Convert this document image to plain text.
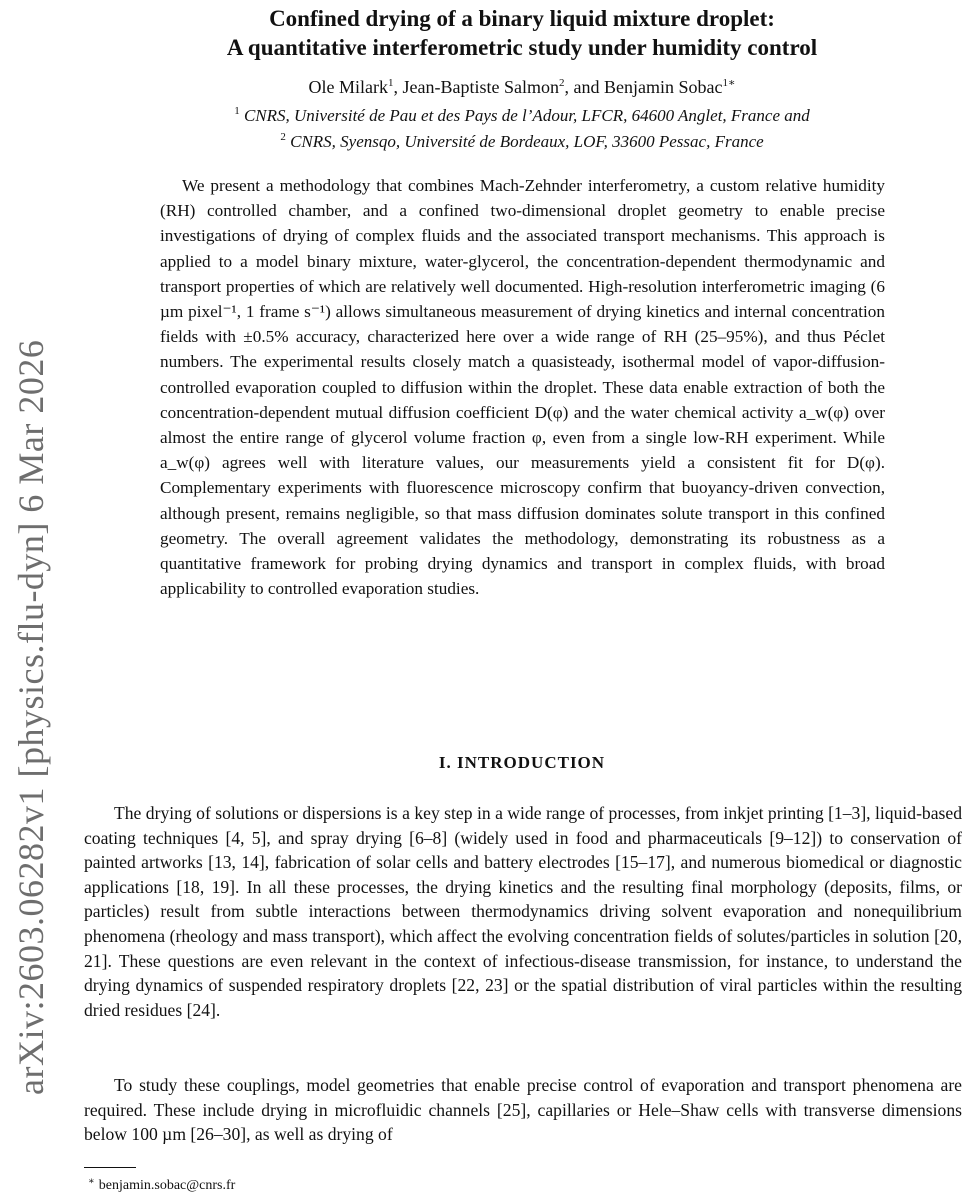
arXiv:2603.06282v1 [physics.flu-dyn] 6 Mar 2026
Confined drying of a binary liquid mixture droplet:
A quantitative interferometric study under humidity control
Ole Milark$^1$, Jean-Baptiste Salmon$^2$, and Benjamin Sobac$^{1∗}$
$^1$ CNRS, Université de Pau et des Pays de l’Adour, LFCR, 64600 Anglet, France and
$^2$ CNRS, Syensqo, Université de Bordeaux, LOF, 33600 Pessac, France

We present a methodology that combines Mach-Zehnder interferometry, a custom relative humidity (RH) controlled chamber, and a confined two-dimensional droplet geometry to enable precise investigations of drying of complex fluids and the associated transport mechanisms. This approach is applied to a model binary mixture, water-glycerol, the concentration-dependent thermodynamic and transport properties of which are relatively well documented. High-resolution interferometric imaging (6 µm pixel⁻¹, 1 frame s⁻¹) allows simultaneous measurement of drying kinetics and internal concentration fields with ±0.5% accuracy, characterized here over a wide range of RH (25–95%), and thus Péclet numbers. The experimental results closely match a quasisteady, isothermal model of vapor-diffusion-controlled evaporation coupled to diffusion within the droplet. These data enable extraction of both the concentration-dependent mutual diffusion coefficient D(φ) and the water chemical activity a_w(φ) over almost the entire range of glycerol volume fraction φ, even from a single low-RH experiment. While a_w(φ) agrees well with literature values, our measurements yield a consistent fit for D(φ). Complementary experiments with fluorescence microscopy confirm that buoyancy-driven convection, although present, remains negligible, so that mass diffusion dominates solute transport in this confined geometry. The overall agreement validates the methodology, demonstrating its robustness as a quantitative framework for probing drying dynamics and transport in complex fluids, with broad applicability to controlled evaporation studies.

I. INTRODUCTION

The drying of solutions or dispersions is a key step in a wide range of processes, from inkjet printing [1–3], liquid-based coating techniques [4, 5], and spray drying [6–8] (widely used in food and pharmaceuticals [9–12]) to conservation of painted artworks [13, 14], fabrication of solar cells and battery electrodes [15–17], and numerous biomedical or diagnostic applications [18, 19]. In all these processes, the drying kinetics and the resulting final morphology (deposits, films, or particles) result from subtle interactions between thermodynamics driving solvent evaporation and nonequilibrium phenomena (rheology and mass transport), which affect the evolving concentration fields of solutes/particles in solution [20, 21]. These questions are even relevant in the context of infectious-disease transmission, for instance, to understand the drying dynamics of suspended respiratory droplets [22, 23] or the spatial distribution of viral particles within the resulting dried residues [24].

To study these couplings, model geometries that enable precise control of evaporation and transport phenomena are required. These include drying in microfluidic channels [25], capillaries or Hele–Shaw cells with transverse dimensions below 100 µm [26–30], as well as drying of

∗ benjamin.sobac@cnrs.fr
